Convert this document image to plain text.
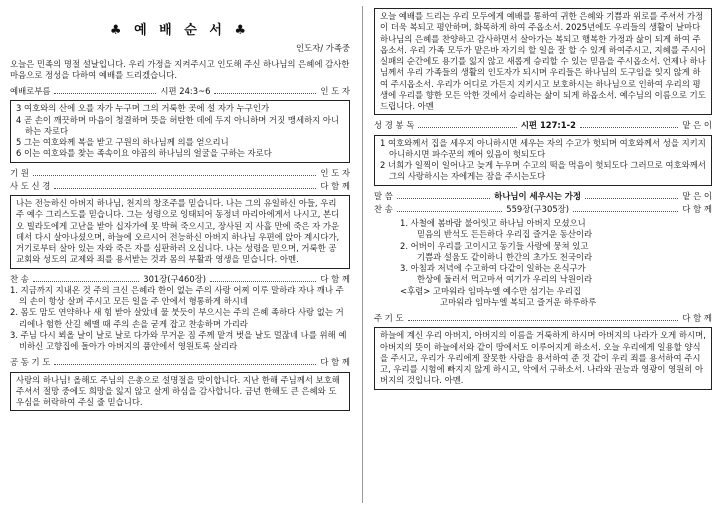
♣ 예 배 순 서 ♣
인도자/ 가족중

오늘은 민족의 명절 설날입니다. 우리 가정을 지켜주시고 인도해 주신 하나님의 은혜에 감사한 마음으로 정성을 다하여 예배를 드리겠습니다.

예배로부름	시편 24:3~6	인 도 자

3 여호와의 산에 오를 자가 누구며 그의 거룩한 곳에 설 자가 누구인가

4 곧 손이 깨끗하며 마음이 청결하며 뜻을 허탄한 데에 두지 아니하며 거짓 맹세하지 아니하는 자로다

5 그는 여호와께 복을 받고 구원의 하나님께 의를 얻으리니

6 이는 여호와를 찾는 족속이요 야곱의 하나님의 얼굴을 구하는 자로다

기 원	인 도 자
사 도 신 경	다 함 께

나는 전능하신 아버지 하나님, 천지의 창조주를 믿습니다. 나는 그의 유일하신 아들, 우리 주 예수 그리스도를 믿습니다. 그는 성령으로 잉태되어 동정녀 마리아에게서 나시고, 본디오 빌라도에게 고난을 받아 십자가에 못 박혀 죽으시고, 장사된 지 사흘 만에 죽은 자 가운데서 다시 살아나셨으며, 하늘에 오르시어 전능하신 아버지 하나님 우편에 앉아 계시다가, 거기로부터 살아 있는 자와 죽은 자를 심판하러 오십니다. 나는 성령을 믿으며, 거룩한 공교회와 성도의 교제와 죄를 용서받는 것과 몸의 부활과 영생을 믿습니다. 아멘.

찬 송	301장(구460장)	다 함 께

1. 지금까지 지내온 것 주의 크신 은혜라 한이 없는 주의 사랑 어찌 이루 말하랴 자나 깨나 주의 손이 항상 살펴 주시고 모든 일을 주 안에서 형통하게 하시네

2. 몸도 맘도 연약하나 새 힘 받아 살았네 물 붓듯이 부으시는 주의 은혜 족하다 사랑 없는 거리에나 험한 산길 헤맬 때 주의 손을 굳게 잡고 찬송하며 가리라

3. 주님 다시 뵈올 날이 날로 날로 다가와 무거운 짐 주께 맡겨 벗을 날도 멀잖네 나를 위해 예비하신 고향집에 돌아가 아버지의 품안에서 영원토록 살리라

공 동 기 도	다 함 께

사랑의 하나님! 올해도 주님의 은총으로 설명절을 맞이합니다. 지난 한해 주님께서 보호해 주셔서 절망 중에도 희망을 잃지 않고 살게 하심을 감사합니다. 금년 한해도 큰 은혜와 도우심을 허락하여 주실 줄 믿습니다.

오늘 예배를 드리는 우리 모두에게 예배를 통하여 귀한 은혜와 기쁨과 위로를 주셔서 가정이 더욱 복되고 평안하며, 화목하게 하여 주옵소서. 2025년에도 우리들의 생활이 날마다 하나님의 은혜를 찬양하고 감사하면서 살아가는 복되고 행복한 가정과 삶이 되게 하여 주옵소서. 우리 가족 모두가 맡은바 자기의 할 일을 잘 할 수 있게 하여주시고, 지혜를 주시어 실패의 순간에도 용기를 잃지 않고 새롭게 승리할 수 있는 믿음을 주시옵소서. 언제나 하나님께서 우리 가족들의 생활의 인도자가 되시며 우리들은 하나님의 도구임을 잊지 않게 하여 주시옵소서. 우리가 어디로 가든지 지키시고 보호하시는 하나님으로 인하여 우리의 평생에 우리를 향한 모든 악한 것에서 승리하는 삶이 되게 하옵소서. 예수님의 이름으로 기도 드립니다. 아멘

성 경 봉 독	시편 127:1-2	맡 은 이

1 여호와께서 집을 세우지 아니하시면 세우는 자의 수고가 헛되며 여호와께서 성을 지키지 아니하시면 파수꾼의 깨어 있음이 헛되도다

2 너희가 일찍이 일어나고 늦게 누우며 수고의 떡을 먹음이 헛되도다 그러므로 여호와께서 그의 사랑하시는 자에게는 잠을 주시는도다

말 씀	하나님이 세우시는 가정	맡 은 이
찬 송	559장(구305장)	다 함 께

1. 사철에 봄바람 불어잇고 하나님 아버지 모셨으니

믿음의 반석도 든든하다 우리집 즐거운 동산이라

2. 어버이 우리를 고이시고 동기들 사랑에 뭉쳐 있고

기쁨과 설움도 같이하니 한간의 초가도 천국이라

3. 아침과 저녁에 수고하여 다같이 일하는 온식구가

한상에 둘러서 먹고마셔 여기가 우리의 낙원이라

<후렴> 고마워라 임마누엘 예수만 섬기는 우리집

고마워라 임마누엘 복되고 즐거운 하루하루

주 기 도	다 함 께

하늘에 계신 우리 아버지, 아버지의 이름을 거룩하게 하시며 아버지의 나라가 오게 하시며, 아버지의 뜻이 하늘에서와 같이 땅에서도 이루어지게 하소서. 오늘 우리에게 일용할 양식을 주시고, 우리가 우리에게 잘못한 사람을 용서하여 준 것 같이 우리 죄를 용서하여 주시고, 우리를 시험에 빠지지 않게 하시고, 악에서 구하소서. 나라와 권능과 영광이 영원히 아버지의 것입니다. 아멘.
